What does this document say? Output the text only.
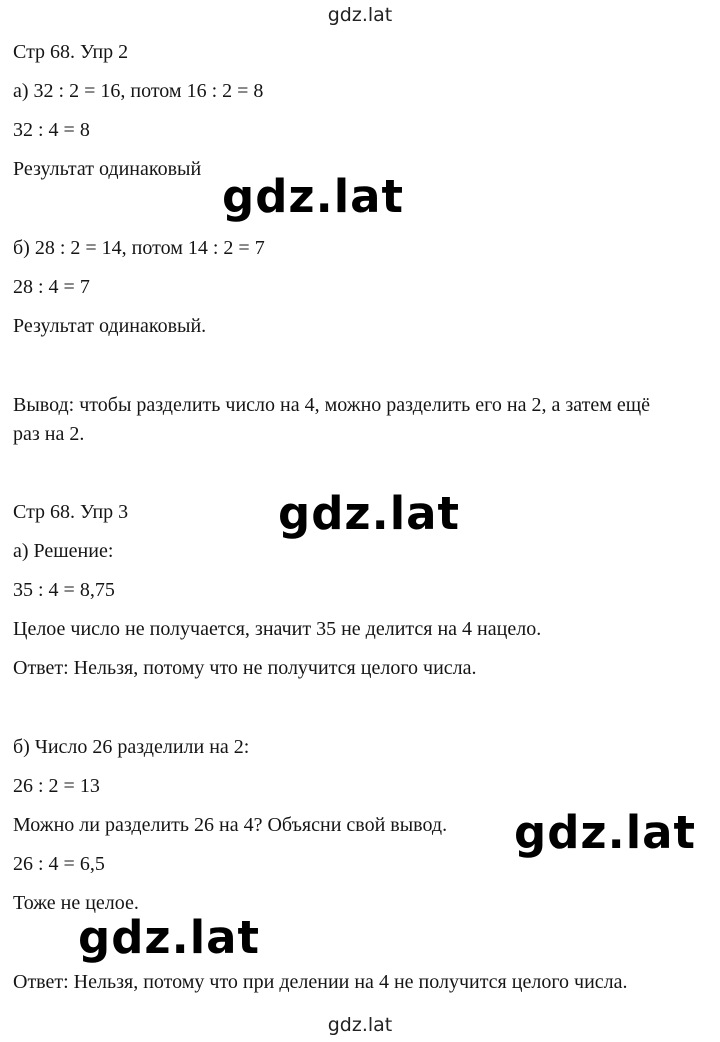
gdz.lat
Стр 68. Упр 2
а) 32 : 2 = 16, потом 16 : 2 = 8
32 : 4 = 8
Результат одинаковый
gdz.lat
б) 28 : 2 = 14, потом 14 : 2 = 7
28 : 4 = 7
Результат одинаковый.
Вывод: чтобы разделить число на 4, можно разделить его на 2, а затем ещё
раз на 2.
Стр 68. Упр 3	gdz.lat
а) Решение:
35 : 4 = 8,75
Целое число не получается, значит 35 не делится на 4 нацело.
Ответ: Нельзя, потому что не получится целого числа.
б) Число 26 разделили на 2:
26 : 2 = 13
Можно ли разделить 26 на 4? Объясни свой вывод. gdz.lat
26 : 4 = 6,5
Тоже не целое.
gdz.lat
Ответ: Нельзя, потому что при делении на 4 не получится целого числа.
gdz.lat
